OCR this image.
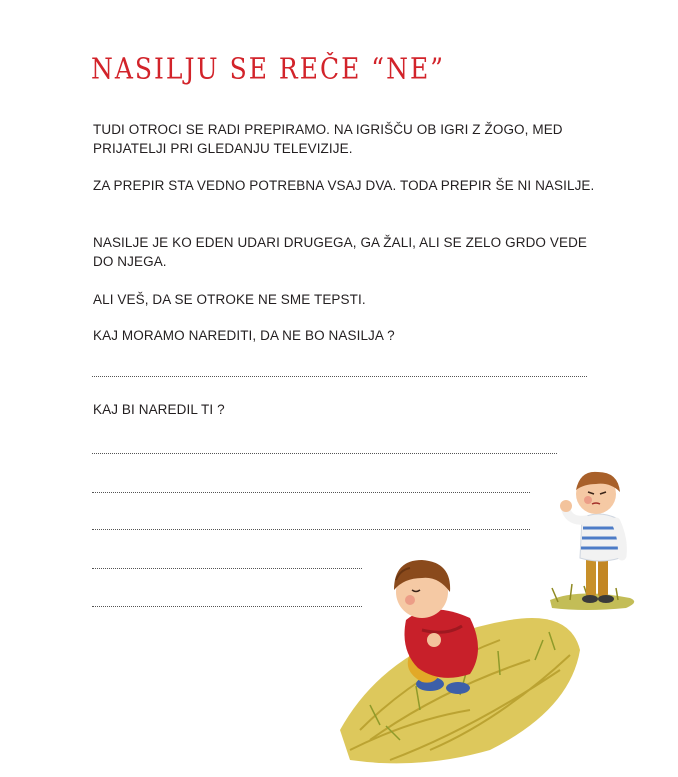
NASILJU SE REČE “NE”

TUDI OTROCI SE RADI PREPIRAMO. NA IGRIŠČU OB IGRI Z ŽOGO, MED PRIJATELJI PRI GLEDANJU TELEVIZIJE.

ZA PREPIR STA VEDNO POTREBNA VSAJ DVA. TODA PREPIR ŠE NI NASILJE.

NASILJE JE KO EDEN UDARI DRUGEGA, GA ŽALI, ALI SE ZELO GRDO VEDE DO NJEGA.

ALI VEŠ, DA SE OTROKE NE SME TEPSTI.

KAJ MORAMO NAREDITI, DA NE BO NASILJA ?

KAJ BI NAREDIL TI ?
